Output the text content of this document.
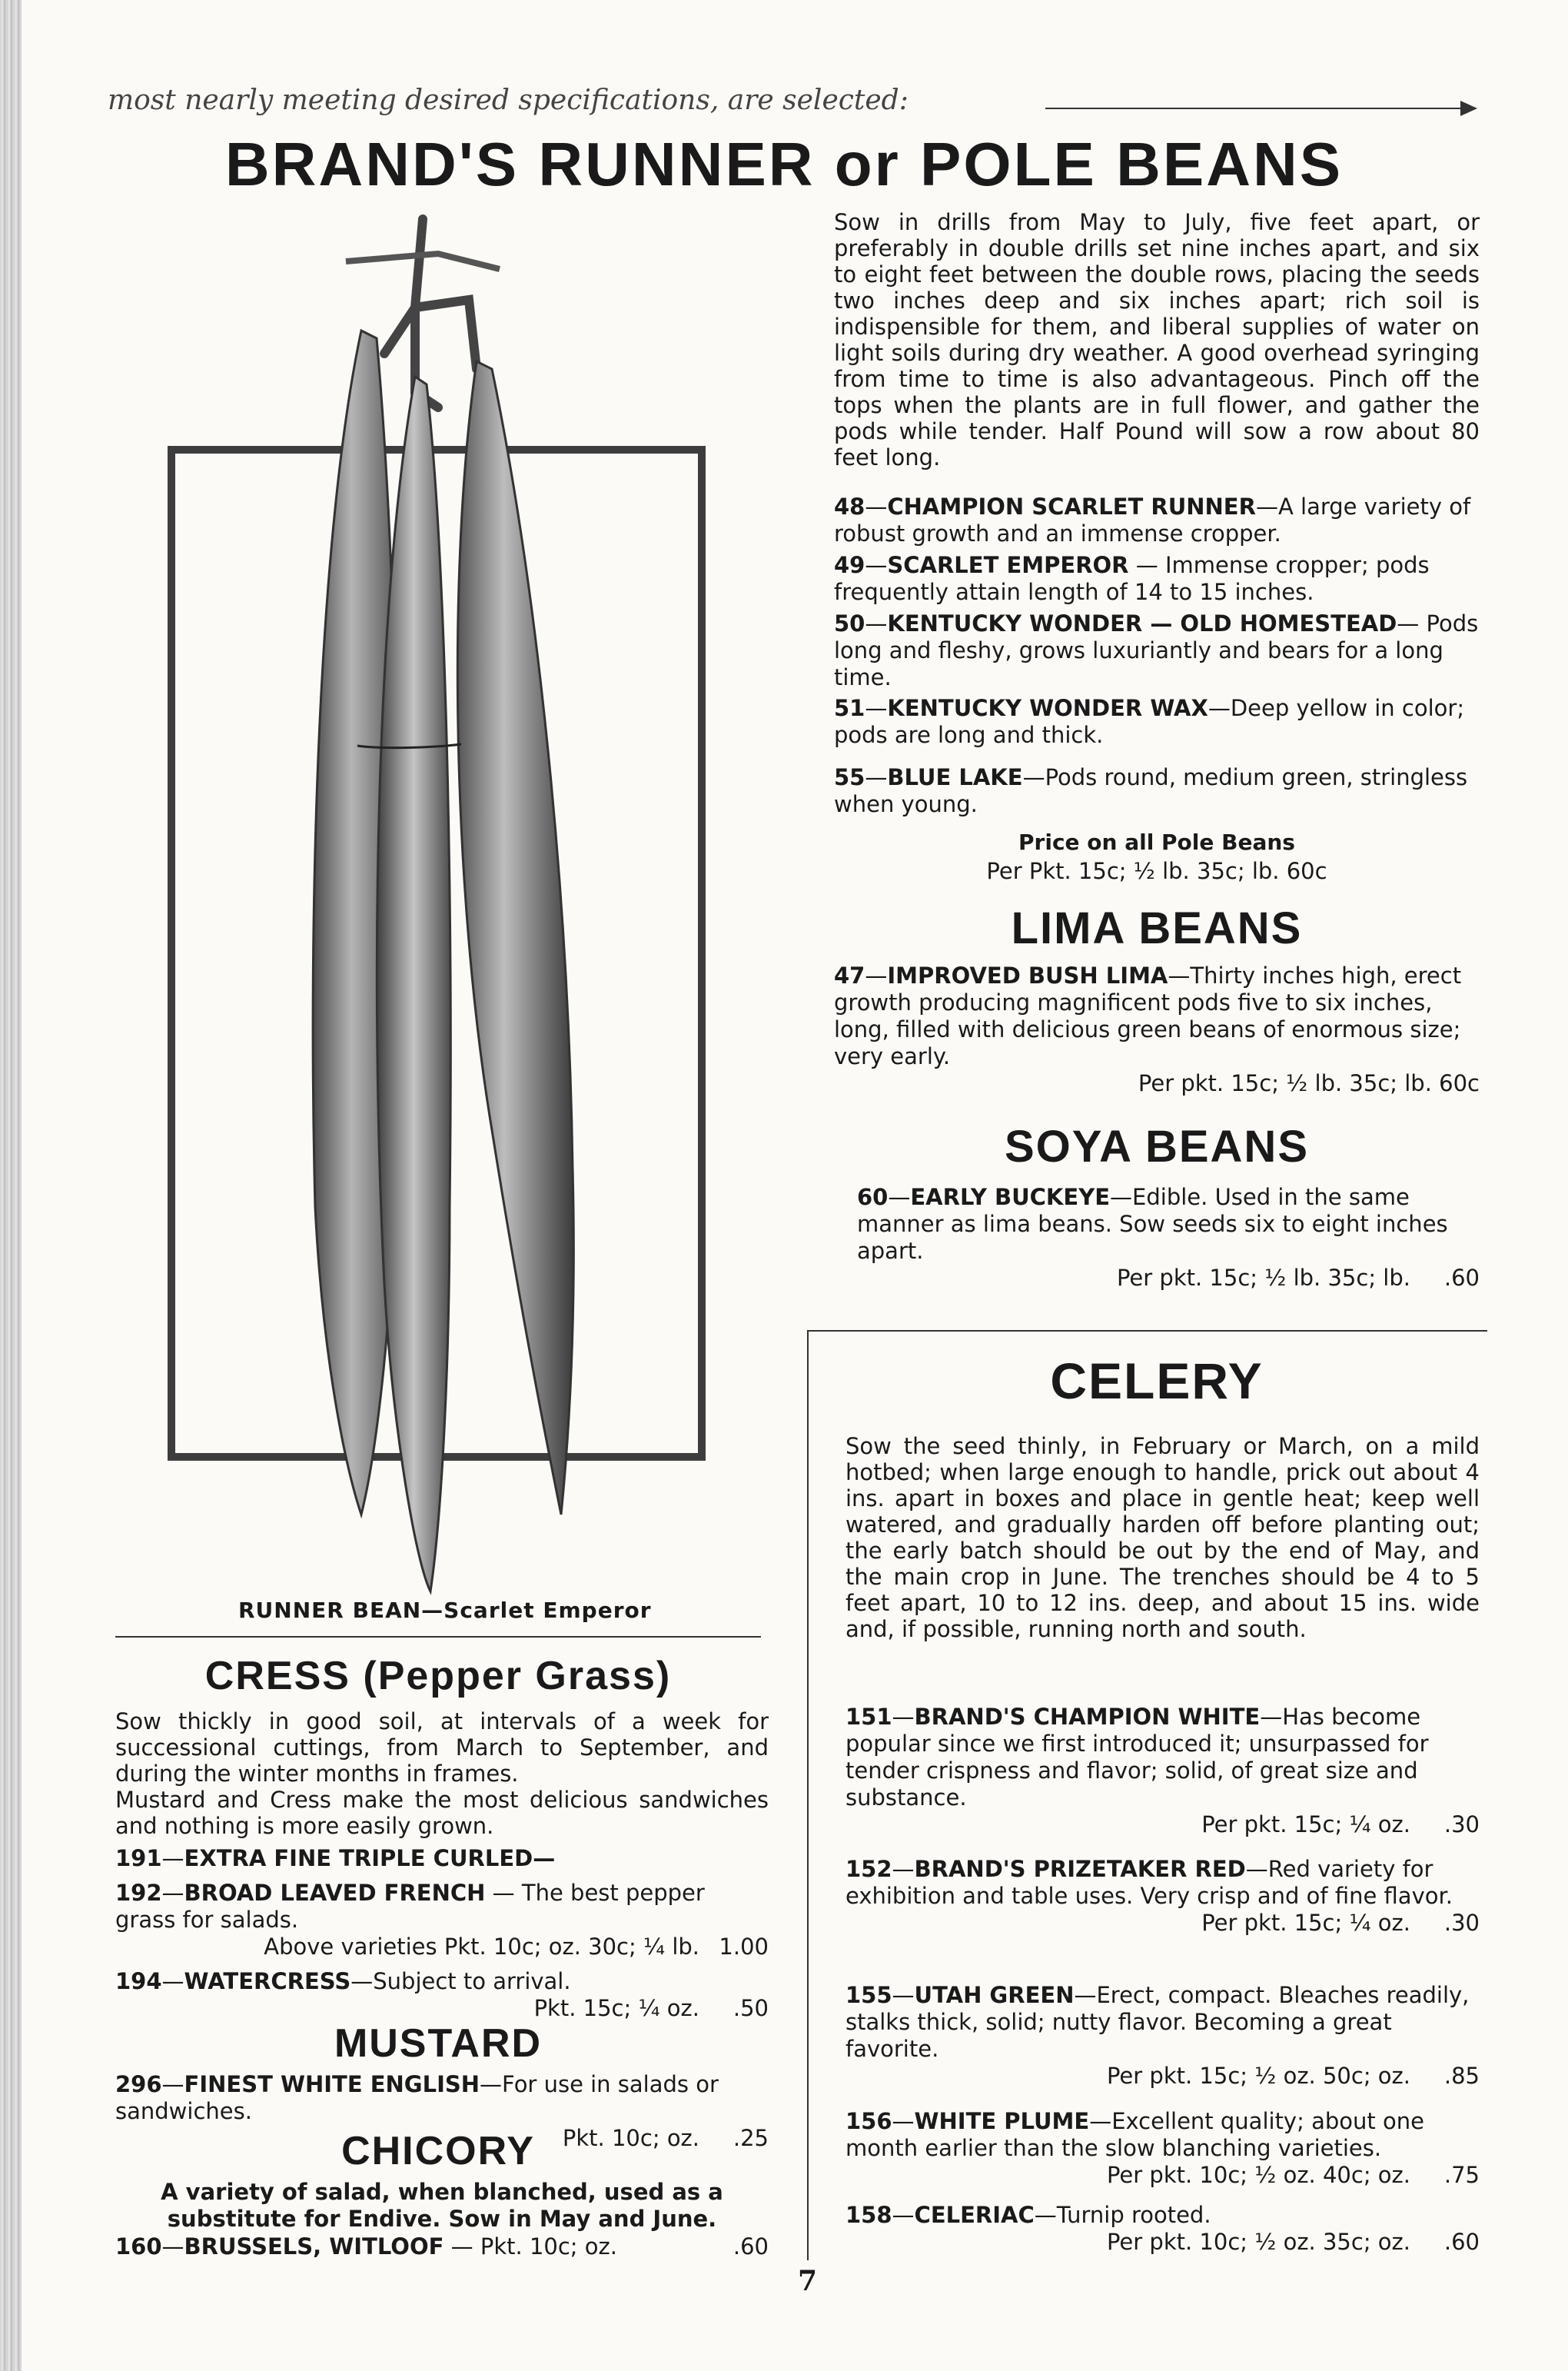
most nearly meeting desired specifications, are selected:
BRAND'S RUNNER or POLE BEANS
RUNNER BEAN—Scarlet Emperor
Sow in drills from May to July, five feet apart, or preferably in double drills set nine inches apart, and six to eight feet between the double rows, placing the seeds two inches deep and six inches apart; rich soil is indispensible for them, and liberal supplies of water on light soils during dry weather. A good overhead syringing from time to time is also advantageous. Pinch off the tops when the plants are in full flower, and gather the pods while tender. Half Pound will sow a row about 80 feet long.
48—CHAMPION SCARLET RUNNER—A large variety of robust growth and an immense cropper.
49—SCARLET EMPEROR — Immense cropper; pods frequently attain length of 14 to 15 inches.
50—KENTUCKY WONDER — OLD HOMESTEAD— Pods long and fleshy, grows luxuriantly and bears for a long time.
51—KENTUCKY WONDER WAX—Deep yellow in color; pods are long and thick.
55—BLUE LAKE—Pods round, medium green, stringless when young.
Price on all Pole Beans
Per Pkt. 15c; ½ lb. 35c; lb. 60c
LIMA BEANS
47—IMPROVED BUSH LIMA—Thirty inches high, erect growth producing magnificent pods five to six inches, long, filled with delicious green beans of enormous size; very early.
Per pkt. 15c; ½ lb. 35c; lb. 60c
SOYA BEANS
60—EARLY BUCKEYE—Edible. Used in the same manner as lima beans. Sow seeds six to eight inches apart.
Per pkt. 15c; ½ lb. 35c; lb.	.60
CELERY
Sow the seed thinly, in February or March, on a mild hotbed; when large enough to handle, prick out about 4 ins. apart in boxes and place in gentle heat; keep well watered, and gradually harden off before planting out; the early batch should be out by the end of May, and the main crop in June. The trenches should be 4 to 5 feet apart, 10 to 12 ins. deep, and about 15 ins. wide and, if possible, running north and south.
151—BRAND'S CHAMPION WHITE—Has become popular since we first introduced it; unsurpassed for tender crispness and flavor; solid, of great size and substance.
Per pkt. 15c; ¼ oz.	.30
152—BRAND'S PRIZETAKER RED—Red variety for exhibition and table uses. Very crisp and of fine flavor.
Per pkt. 15c; ¼ oz.	.30
155—UTAH GREEN—Erect, compact. Bleaches readily, stalks thick, solid; nutty flavor. Becoming a great favorite.
Per pkt. 15c; ½ oz. 50c; oz.	.85
156—WHITE PLUME—Excellent quality; about one month earlier than the slow blanching varieties.
Per pkt. 10c; ½ oz. 40c; oz.	.75
158—CELERIAC—Turnip rooted.
Per pkt. 10c; ½ oz. 35c; oz.	.60
CRESS (Pepper Grass)
Sow thickly in good soil, at intervals of a week for successional cuttings, from March to September, and during the winter months in frames.
Mustard and Cress make the most delicious sandwiches and nothing is more easily grown.
191—EXTRA FINE TRIPLE CURLED—
192—BROAD LEAVED FRENCH — The best pepper grass for salads.
Above varieties Pkt. 10c; oz. 30c; ¼ lb. 1.00
194—WATERCRESS—Subject to arrival.
Pkt. 15c; ¼ oz.	.50
MUSTARD
296—FINEST WHITE ENGLISH—For use in salads or sandwiches.
Pkt. 10c; oz.	.25
CHICORY
A variety of salad, when blanched, used as a substitute for Endive. Sow in May and June.
160—BRUSSELS, WITLOOF — Pkt. 10c; oz.	.60
7
